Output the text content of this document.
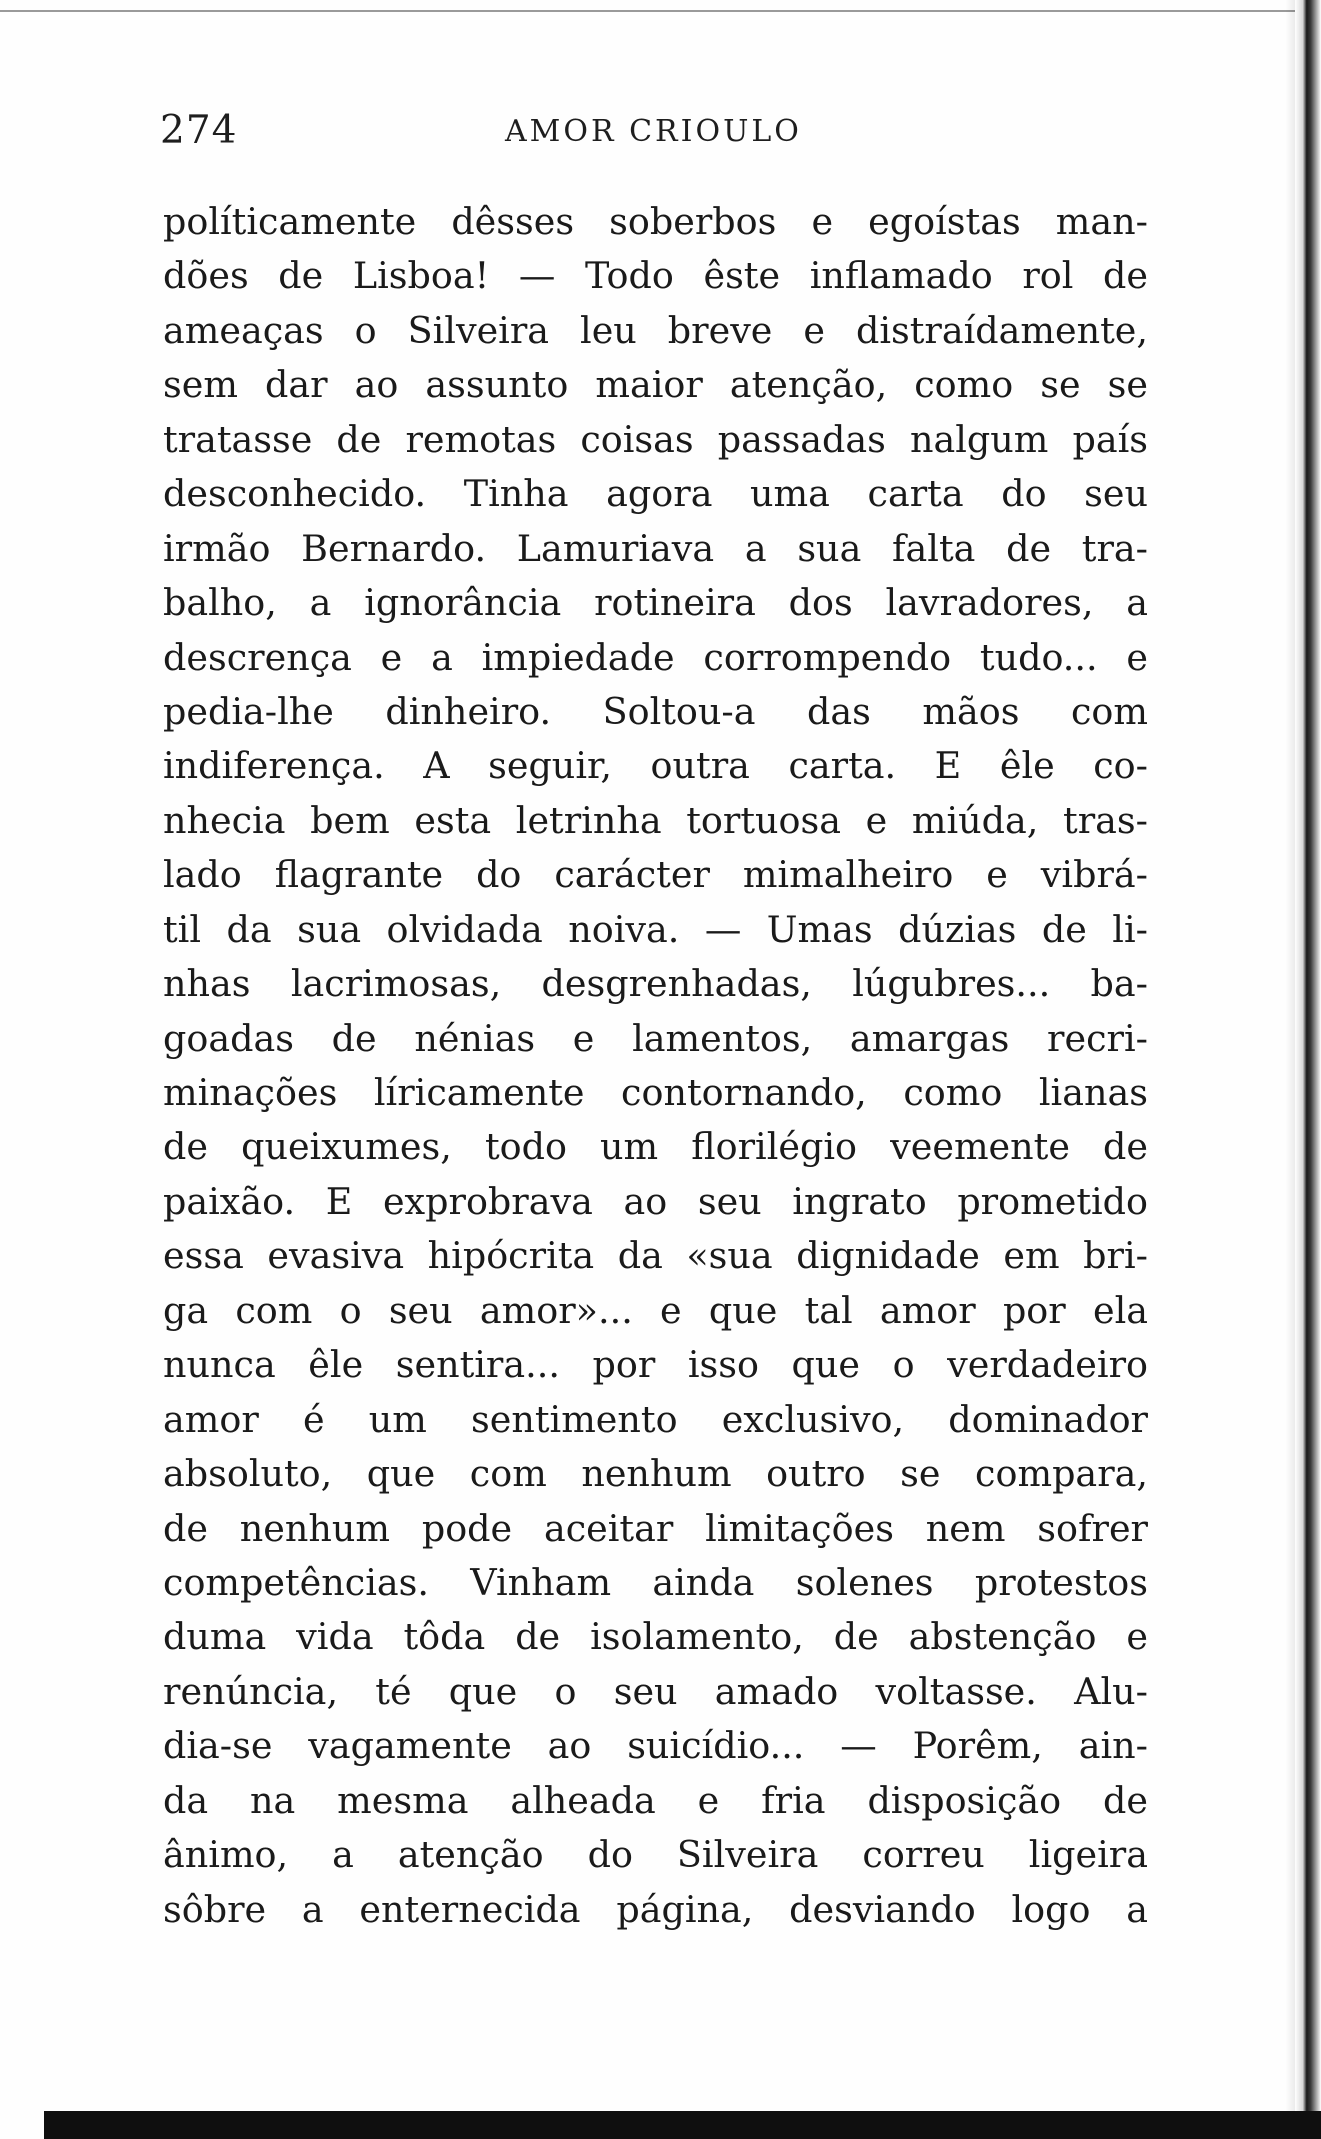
274	AMOR CRIOULO
políticamente dêsses soberbos e egoístas man-
dões de Lisboa! — Todo êste inflamado rol de
ameaças o Silveira leu breve e distraídamente,
sem dar ao assunto maior atenção, como se se
tratasse de remotas coisas passadas nalgum país
desconhecido. Tinha agora uma carta do seu
irmão Bernardo. Lamuriava a sua falta de tra-
balho, a ignorância rotineira dos lavradores, a
descrença e a impiedade corrompendo tudo... e
pedia-lhe dinheiro. Soltou-a das mãos com
indiferença. A seguir, outra carta. E êle co-
nhecia bem esta letrinha tortuosa e miúda, tras-
lado flagrante do carácter mimalheiro e vibrá-
til da sua olvidada noiva. — Umas dúzias de li-
nhas lacrimosas, desgrenhadas, lúgubres... ba-
goadas de nénias e lamentos, amargas recri-
minações líricamente contornando, como lianas
de queixumes, todo um florilégio veemente de
paixão. E exprobrava ao seu ingrato prometido
essa evasiva hipócrita da «sua dignidade em bri-
ga com o seu amor»... e que tal amor por ela
nunca êle sentira... por isso que o verdadeiro
amor é um sentimento exclusivo, dominador
absoluto, que com nenhum outro se compara,
de nenhum pode aceitar limitações nem sofrer
competências. Vinham ainda solenes protestos
duma vida tôda de isolamento, de abstenção e
renúncia, té que o seu amado voltasse. Alu-
dia-se vagamente ao suicídio... — Porêm, ain-
da na mesma alheada e fria disposição de
ânimo, a atenção do Silveira correu ligeira
sôbre a enternecida página, desviando logo a
